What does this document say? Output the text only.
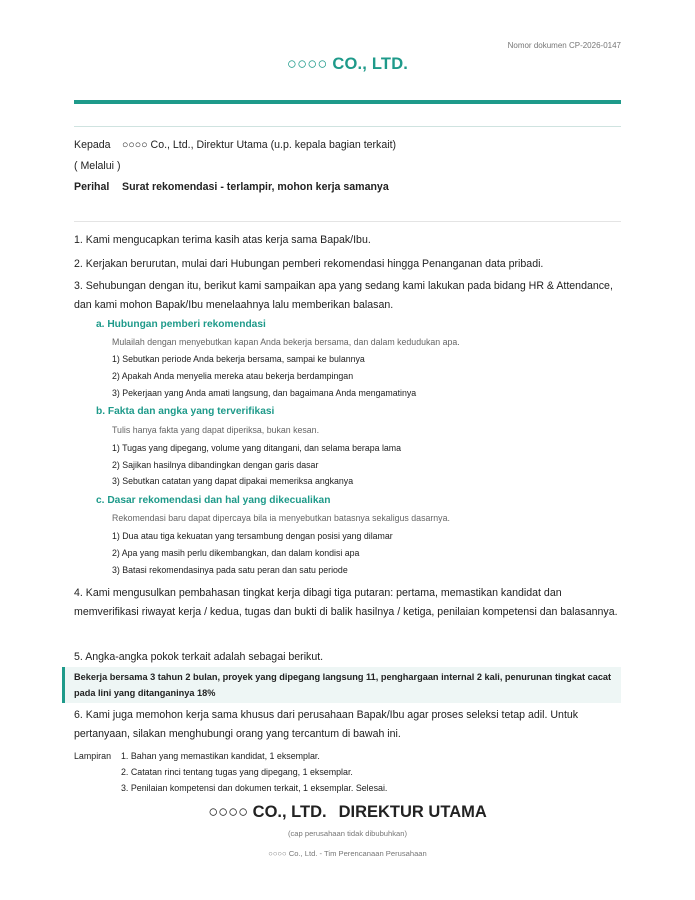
Nomor dokumen CP-2026-0147
○○○○ CO., LTD.
Kepada ○○○○ Co., Ltd., Direktur Utama (u.p. kepala bagian terkait)
( Melalui )
Perihal Surat rekomendasi - terlampir, mohon kerja samanya
1. Kami mengucapkan terima kasih atas kerja sama Bapak/Ibu.
2. Kerjakan berurutan, mulai dari Hubungan pemberi rekomendasi hingga Penanganan data pribadi.
3. Sehubungan dengan itu, berikut kami sampaikan apa yang sedang kami lakukan pada bidang HR & Attendance, dan kami mohon Bapak/Ibu menelaahnya lalu memberikan balasan.
a. Hubungan pemberi rekomendasi
Mulailah dengan menyebutkan kapan Anda bekerja bersama, dan dalam kedudukan apa.
1) Sebutkan periode Anda bekerja bersama, sampai ke bulannya
2) Apakah Anda menyelia mereka atau bekerja berdampingan
3) Pekerjaan yang Anda amati langsung, dan bagaimana Anda mengamatinya
b. Fakta dan angka yang terverifikasi
Tulis hanya fakta yang dapat diperiksa, bukan kesan.
1) Tugas yang dipegang, volume yang ditangani, dan selama berapa lama
2) Sajikan hasilnya dibandingkan dengan garis dasar
3) Sebutkan catatan yang dapat dipakai memeriksa angkanya
c. Dasar rekomendasi dan hal yang dikecualikan
Rekomendasi baru dapat dipercaya bila ia menyebutkan batasnya sekaligus dasarnya.
1) Dua atau tiga kekuatan yang tersambung dengan posisi yang dilamar
2) Apa yang masih perlu dikembangkan, dan dalam kondisi apa
3) Batasi rekomendasinya pada satu peran dan satu periode
4. Kami mengusulkan pembahasan tingkat kerja dibagi tiga putaran: pertama, memastikan kandidat dan memverifikasi riwayat kerja / kedua, tugas dan bukti di balik hasilnya / ketiga, penilaian kompetensi dan balasannya.
5. Angka-angka pokok terkait adalah sebagai berikut.
Bekerja bersama 3 tahun 2 bulan, proyek yang dipegang langsung 11, penghargaan internal 2 kali, penurunan tingkat cacat pada lini yang ditanganinya 18%
6. Kami juga memohon kerja sama khusus dari perusahaan Bapak/Ibu agar proses seleksi tetap adil. Untuk pertanyaan, silakan menghubungi orang yang tercantum di bawah ini.
Lampiran 1. Bahan yang memastikan kandidat, 1 eksemplar.
2. Catatan rinci tentang tugas yang dipegang, 1 eksemplar.
3. Penilaian kompetensi dan dokumen terkait, 1 eksemplar. Selesai.
○○○○ CO., LTD. DIREKTUR UTAMA
(cap perusahaan tidak dibubuhkan)
○○○○ Co., Ltd. - Tim Perencanaan Perusahaan
